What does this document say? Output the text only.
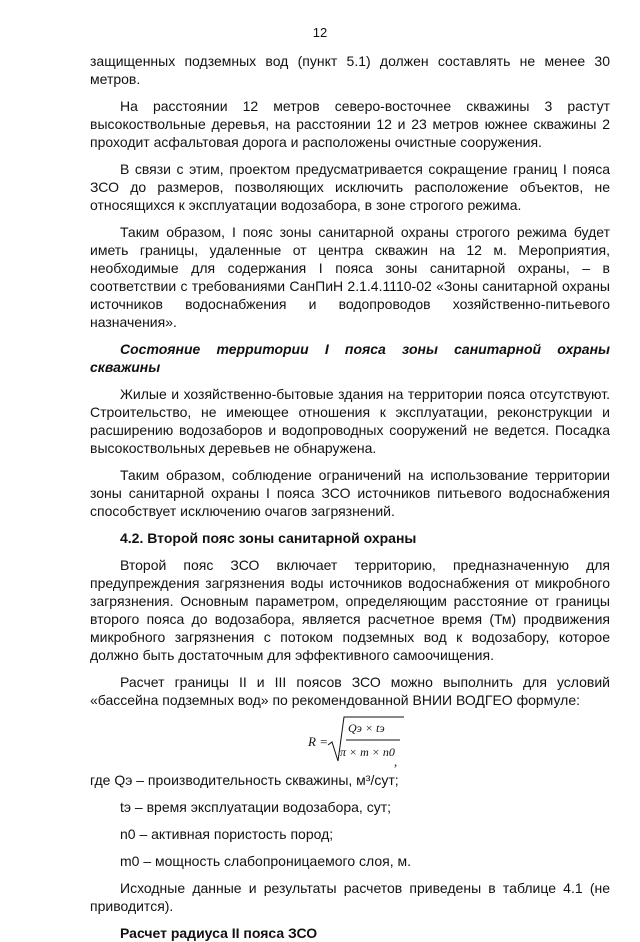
12

защищенных подземных вод (пункт 5.1) должен составлять не менее 30 метров.

На расстоянии 12 метров северо-восточнее скважины 3 растут высокоствольные деревья, на расстоянии 12 и 23 метров южнее скважины 2 проходит асфальтовая дорога и расположены очистные сооружения.

В связи с этим, проектом предусматривается сокращение границ I пояса ЗСО до размеров, позволяющих исключить расположение объектов, не относящихся к эксплуатации водозабора, в зоне строгого режима.

Таким образом, I пояс зоны санитарной охраны строгого режима будет иметь границы, удаленные от центра скважин на 12 м. Мероприятия, необходимые для содержания I пояса зоны санитарной охраны, – в соответствии с требованиями СанПиН 2.1.4.1110-02 «Зоны санитарной охраны источников водоснабжения и водопроводов хозяйственно-питьевого назначения».

Состояние территории I пояса зоны санитарной охраны скважины

Жилые и хозяйственно-бытовые здания на территории пояса отсутствуют. Строительство, не имеющее отношения к эксплуатации, реконструкции и расширению водозаборов и водопроводных сооружений не ведется. Посадка высокоствольных деревьев не обнаружена.

Таким образом, соблюдение ограничений на использование территории зоны санитарной охраны I пояса ЗСО источников питьевого водоснабжения способствует исключению очагов загрязнений.

4.2. Второй пояс зоны санитарной охраны

Второй пояс ЗСО включает территорию, предназначенную для предупреждения загрязнения воды источников водоснабжения от микробного загрязнения. Основным параметром, определяющим расстояние от границы второго пояса до водозабора, является расчетное время (Тм) продвижения микробного загрязнения с потоком подземных вод к водозабору, которое должно быть достаточным для эффективного самоочищения.

Расчет границы II и III поясов ЗСО можно выполнить для условий «бассейна подземных вод» по рекомендованной ВНИИ ВОДГЕО формуле:

R =
Qэ × tэ
π × m × n0
,

где Qэ – производительность скважины, м³/сут;

tэ – время эксплуатации водозабора, сут;

n0 – активная пористость пород;

m0 – мощность слабопроницаемого слоя, м.

Исходные данные и результаты расчетов приведены в таблице 4.1 (не приводится).

Расчет радиуса II пояса ЗСО
